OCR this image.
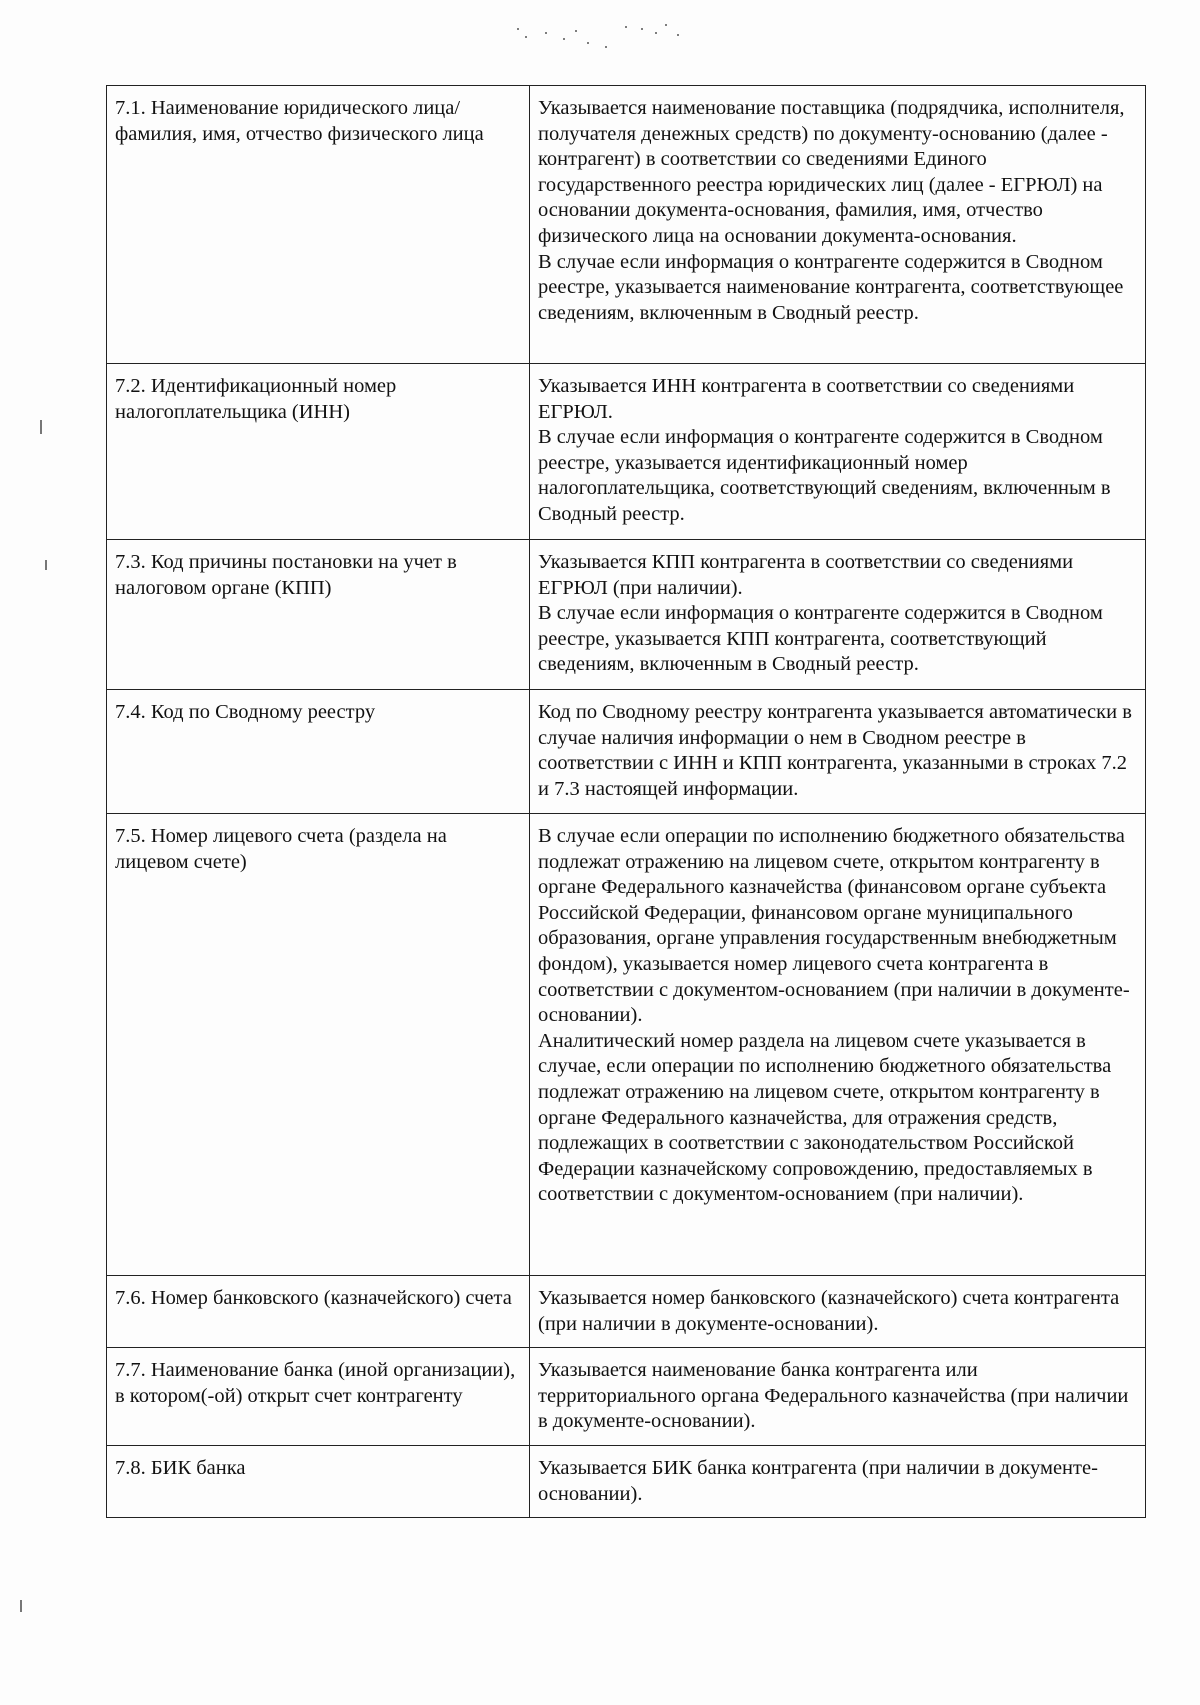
7.1. Наименование юридического лица/фамилия, имя, отчество физического лица	Указывается наименование поставщика (подрядчика, исполнителя, получателя денежных средств) по документу-основанию (далее - контрагент) в соответствии со сведениями Единого государственного реестра юридических лиц (далее - ЕГРЮЛ) на основании документа-основания, фамилия, имя, отчество физического лица на основании документа-основания.
В случае если информация о контрагенте содержится в Сводном реестре, указывается наименование контрагента, соответствующее сведениям, включенным в Сводный реестр.
7.2. Идентификационный номер налогоплательщика (ИНН)	Указывается ИНН контрагента в соответствии со сведениями ЕГРЮЛ.
В случае если информация о контрагенте содержится в Сводном реестре, указывается идентификационный номер налогоплательщика, соответствующий сведениям, включенным в Сводный реестр.
7.3. Код причины постановки на учет в налоговом органе (КПП)	Указывается КПП контрагента в соответствии со сведениями ЕГРЮЛ (при наличии).
В случае если информация о контрагенте содержится в Сводном реестре, указывается КПП контрагента, соответствующий сведениям, включенным в Сводный реестр.
7.4. Код по Сводному реестру	Код по Сводному реестру контрагента указывается автоматически в случае наличия информации о нем в Сводном реестре в соответствии с ИНН и КПП контрагента, указанными в строках 7.2 и 7.3 настоящей информации.
7.5. Номер лицевого счета (раздела на лицевом счете)	В случае если операции по исполнению бюджетного обязательства подлежат отражению на лицевом счете, открытом контрагенту в органе Федерального казначейства (финансовом органе субъекта Российской Федерации, финансовом органе муниципального образования, органе управления государственным внебюджетным фондом), указывается номер лицевого счета контрагента в соответствии с документом-основанием (при наличии в документе-основании).
Аналитический номер раздела на лицевом счете указывается в случае, если операции по исполнению бюджетного обязательства подлежат отражению на лицевом счете, открытом контрагенту в органе Федерального казначейства, для отражения средств, подлежащих в соответствии с законодательством Российской Федерации казначейскому сопровождению, предоставляемых в соответствии с документом-основанием (при наличии).
7.6. Номер банковского (казначейского) счета	Указывается номер банковского (казначейского) счета контрагента (при наличии в документе-основании).
7.7. Наименование банка (иной организации), в котором(-ой) открыт счет контрагенту	Указывается наименование банка контрагента или территориального органа Федерального казначейства (при наличии в документе-основании).
7.8. БИК банка	Указывается БИК банка контрагента (при наличии в документе-основании).
